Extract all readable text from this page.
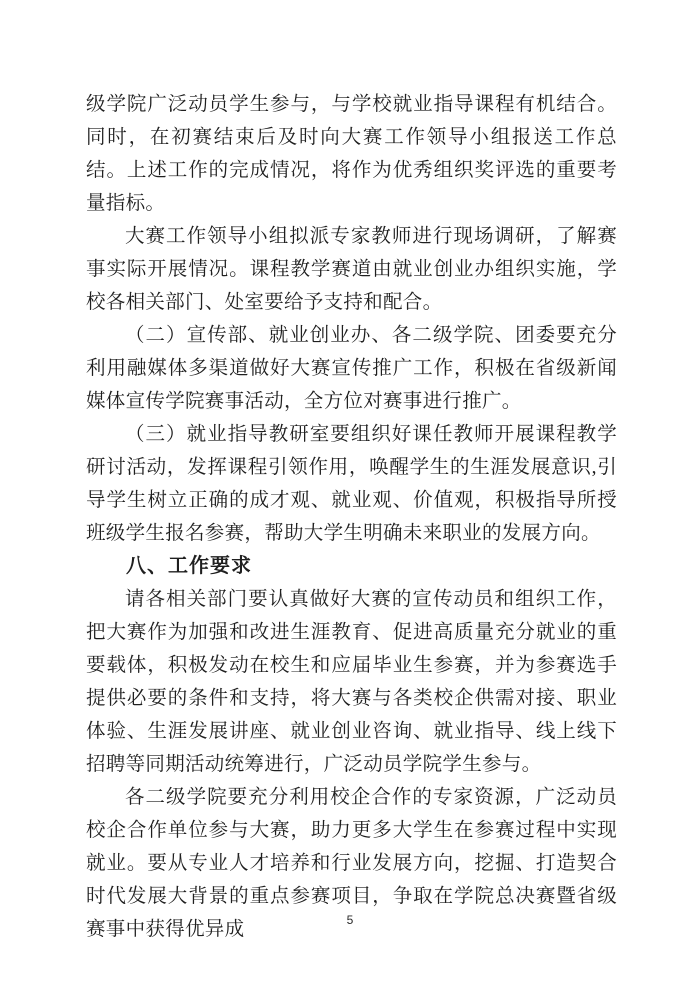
级学院广泛动员学生参与，与学校就业指导课程有机结合。同时，在初赛结束后及时向大赛工作领导小组报送工作总结。上述工作的完成情况，将作为优秀组织奖评选的重要考量指标。

大赛工作领导小组拟派专家教师进行现场调研，了解赛事实际开展情况。课程教学赛道由就业创业办组织实施，学校各相关部门、处室要给予支持和配合。

（二）宣传部、就业创业办、各二级学院、团委要充分利用融媒体多渠道做好大赛宣传推广工作，积极在省级新闻媒体宣传学院赛事活动，全方位对赛事进行推广。

（三）就业指导教研室要组织好课任教师开展课程教学研讨活动，发挥课程引领作用，唤醒学生的生涯发展意识,引导学生树立正确的成才观、就业观、价值观，积极指导所授班级学生报名参赛，帮助大学生明确未来职业的发展方向。

八、工作要求

请各相关部门要认真做好大赛的宣传动员和组织工作，把大赛作为加强和改进生涯教育、促进高质量充分就业的重要载体，积极发动在校生和应届毕业生参赛，并为参赛选手提供必要的条件和支持，将大赛与各类校企供需对接、职业体验、生涯发展讲座、就业创业咨询、就业指导、线上线下招聘等同期活动统筹进行，广泛动员学院学生参与。

各二级学院要充分利用校企合作的专家资源，广泛动员校企合作单位参与大赛，助力更多大学生在参赛过程中实现就业。要从专业人才培养和行业发展方向，挖掘、打造契合时代发展大背景的重点参赛项目，争取在学院总决赛暨省级赛事中获得优异成	5
